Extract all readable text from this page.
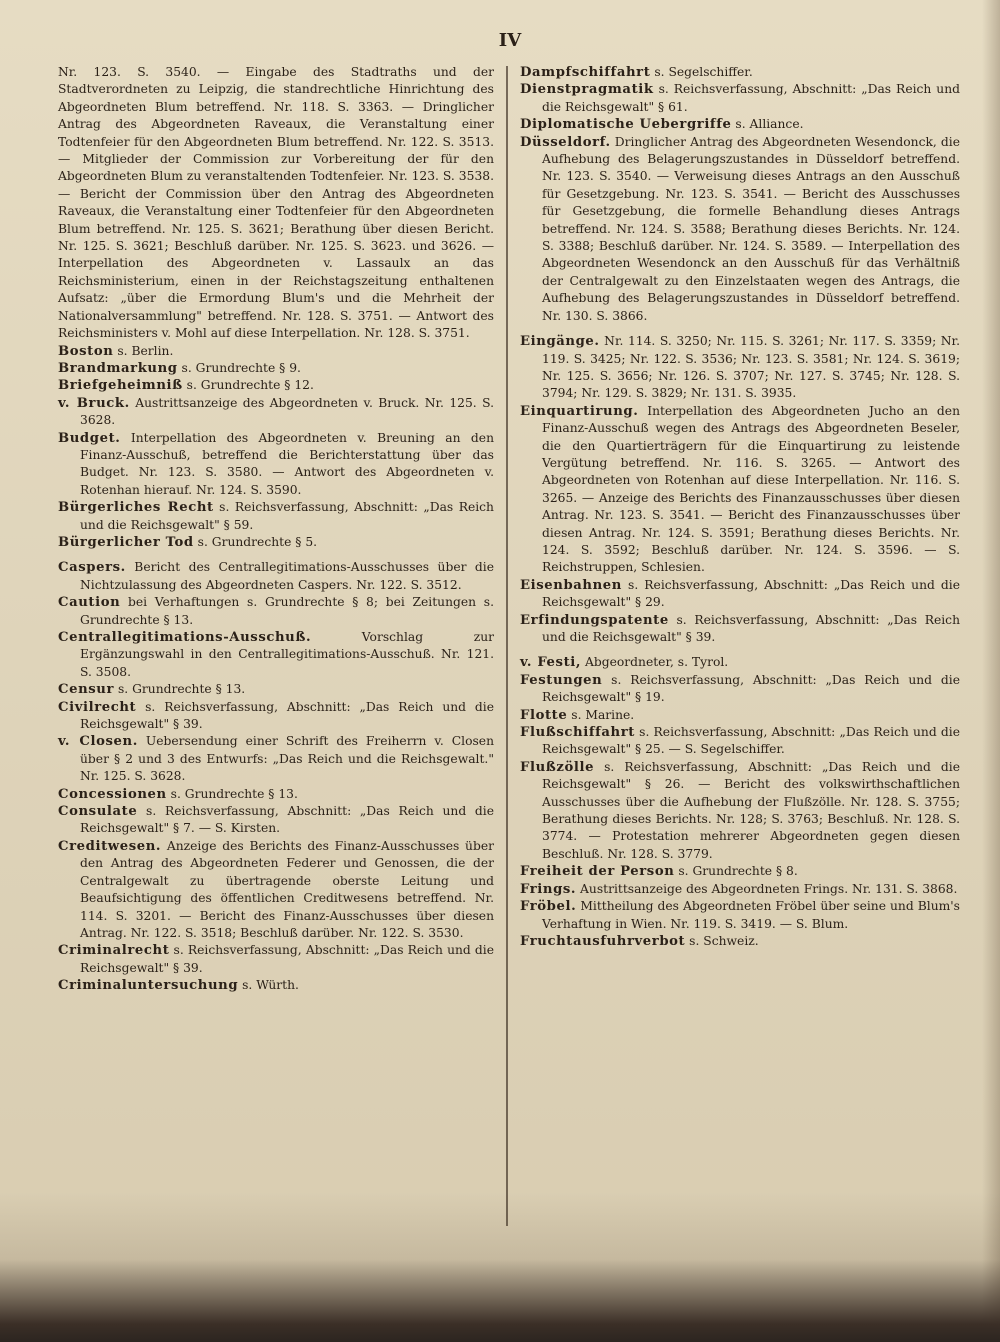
IV

Nr. 123. S. 3540. — Eingabe des Stadtraths und der Stadtverordneten zu Leipzig, die standrechtliche Hinrichtung des Abgeordneten Blum betreffend. Nr. 118. S. 3363. — Dringlicher Antrag des Abgeordneten Raveaux, die Veranstaltung einer Todtenfeier für den Abgeordneten Blum betreffend. Nr. 122. S. 3513. — Mitglieder der Commission zur Vorbereitung der für den Abgeordneten Blum zu veranstaltenden Todtenfeier. Nr. 123. S. 3538. — Bericht der Commission über den Antrag des Abgeordneten Raveaux, die Veranstaltung einer Todtenfeier für den Abgeordneten Blum betreffend. Nr. 125. S. 3621; Berathung über diesen Bericht. Nr. 125. S. 3621; Beschluß darüber. Nr. 125. S. 3623. und 3626. — Interpellation des Abgeordneten v. Lassaulx an das Reichsministerium, einen in der Reichstagszeitung enthaltenen Aufsatz: „über die Ermordung Blum's und die Mehrheit der Nationalversammlung" betreffend. Nr. 128. S. 3751. — Antwort des Reichsministers v. Mohl auf diese Interpellation. Nr. 128. S. 3751.

Boston s. Berlin.

Brandmarkung s. Grundrechte § 9.

Briefgeheimniß s. Grundrechte § 12.

v. Bruck. Austrittsanzeige des Abgeordneten v. Bruck. Nr. 125. S. 3628.

Budget. Interpellation des Abgeordneten v. Breuning an den Finanz-Ausschuß, betreffend die Berichterstattung über das Budget. Nr. 123. S. 3580. — Antwort des Abgeordneten v. Rotenhan hierauf. Nr. 124. S. 3590.

Bürgerliches Recht s. Reichsverfassung, Abschnitt: „Das Reich und die Reichsgewalt" § 59.

Bürgerlicher Tod s. Grundrechte § 5.

Caspers. Bericht des Centrallegitimations-Ausschusses über die Nichtzulassung des Abgeordneten Caspers. Nr. 122. S. 3512.

Caution bei Verhaftungen s. Grundrechte § 8; bei Zeitungen s. Grundrechte § 13.

Centrallegitimations-Ausschuß. Vorschlag zur Ergänzungswahl in den Centrallegitimations-Ausschuß. Nr. 121. S. 3508.

Censur s. Grundrechte § 13.

Civilrecht s. Reichsverfassung, Abschnitt: „Das Reich und die Reichsgewalt" § 39.

v. Closen. Uebersendung einer Schrift des Freiherrn v. Closen über § 2 und 3 des Entwurfs: „Das Reich und die Reichsgewalt." Nr. 125. S. 3628.

Concessionen s. Grundrechte § 13.

Consulate s. Reichsverfassung, Abschnitt: „Das Reich und die Reichsgewalt" § 7. — S. Kirsten.

Creditwesen. Anzeige des Berichts des Finanz-Ausschusses über den Antrag des Abgeordneten Federer und Genossen, die der Centralgewalt zu übertragende oberste Leitung und Beaufsichtigung des öffentlichen Creditwesens betreffend. Nr. 114. S. 3201. — Bericht des Finanz-Ausschusses über diesen Antrag. Nr. 122. S. 3518; Beschluß darüber. Nr. 122. S. 3530.

Criminalrecht s. Reichsverfassung, Abschnitt: „Das Reich und die Reichsgewalt" § 39.

Criminaluntersuchung s. Würth.

Dampfschiffahrt s. Segelschiffer.

Dienstpragmatik s. Reichsverfassung, Abschnitt: „Das Reich und die Reichsgewalt" § 61.

Diplomatische Uebergriffe s. Alliance.

Düsseldorf. Dringlicher Antrag des Abgeordneten Wesendonck, die Aufhebung des Belagerungszustandes in Düsseldorf betreffend. Nr. 123. S. 3540. — Verweisung dieses Antrags an den Ausschuß für Gesetzgebung. Nr. 123. S. 3541. — Bericht des Ausschusses für Gesetzgebung, die formelle Behandlung dieses Antrags betreffend. Nr. 124. S. 3588; Berathung dieses Berichts. Nr. 124. S. 3388; Beschluß darüber. Nr. 124. S. 3589. — Interpellation des Abgeordneten Wesendonck an den Ausschuß für das Verhältniß der Centralgewalt zu den Einzelstaaten wegen des Antrags, die Aufhebung des Belagerungszustandes in Düsseldorf betreffend. Nr. 130. S. 3866.

Eingänge. Nr. 114. S. 3250; Nr. 115. S. 3261; Nr. 117. S. 3359; Nr. 119. S. 3425; Nr. 122. S. 3536; Nr. 123. S. 3581; Nr. 124. S. 3619; Nr. 125. S. 3656; Nr. 126. S. 3707; Nr. 127. S. 3745; Nr. 128. S. 3794; Nr. 129. S. 3829; Nr. 131. S. 3935.

Einquartirung. Interpellation des Abgeordneten Jucho an den Finanz-Ausschuß wegen des Antrags des Abgeordneten Beseler, die den Quartierträgern für die Einquartirung zu leistende Vergütung betreffend. Nr. 116. S. 3265. — Antwort des Abgeordneten von Rotenhan auf diese Interpellation. Nr. 116. S. 3265. — Anzeige des Berichts des Finanzausschusses über diesen Antrag. Nr. 123. S. 3541. — Bericht des Finanzausschusses über diesen Antrag. Nr. 124. S. 3591; Berathung dieses Berichts. Nr. 124. S. 3592; Beschluß darüber. Nr. 124. S. 3596. — S. Reichstruppen, Schlesien.

Eisenbahnen s. Reichsverfassung, Abschnitt: „Das Reich und die Reichsgewalt" § 29.

Erfindungspatente s. Reichsverfassung, Abschnitt: „Das Reich und die Reichsgewalt" § 39.

v. Festi, Abgeordneter, s. Tyrol.

Festungen s. Reichsverfassung, Abschnitt: „Das Reich und die Reichsgewalt" § 19.

Flotte s. Marine.

Flußschiffahrt s. Reichsverfassung, Abschnitt: „Das Reich und die Reichsgewalt" § 25. — S. Segelschiffer.

Flußzölle s. Reichsverfassung, Abschnitt: „Das Reich und die Reichsgewalt" § 26. — Bericht des volkswirthschaftlichen Ausschusses über die Aufhebung der Flußzölle. Nr. 128. S. 3755; Berathung dieses Berichts. Nr. 128; S. 3763; Beschluß. Nr. 128. S. 3774. — Protestation mehrerer Abgeordneten gegen diesen Beschluß. Nr. 128. S. 3779.

Freiheit der Person s. Grundrechte § 8.

Frings. Austrittsanzeige des Abgeordneten Frings. Nr. 131. S. 3868.

Fröbel. Mittheilung des Abgeordneten Fröbel über seine und Blum's Verhaftung in Wien. Nr. 119. S. 3419. — S. Blum.

Fruchtausfuhrverbot s. Schweiz.
